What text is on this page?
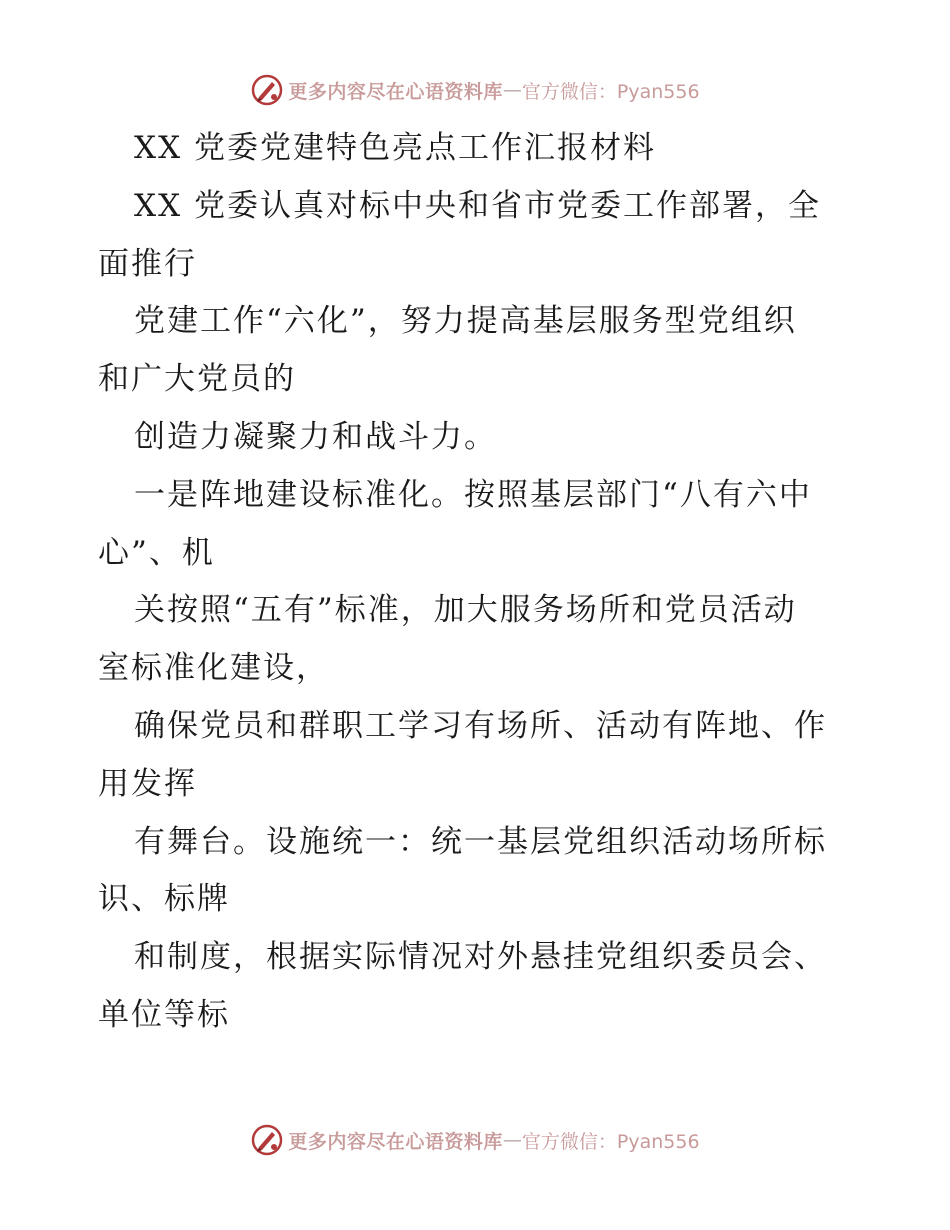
更多内容尽在心语资料库 — 官方微信：Pyan556
XX 党委党建特色亮点工作汇报材料
XX 党委认真对标中央和省市党委工作部署，全
面推行
党建工作“六化”，努力提高基层服务型党组织
和广大党员的
创造力凝聚力和战斗力。
一是阵地建设标准化。按照基层部门“八有六中
心”、机
关按照“五有”标准，加大服务场所和党员活动
室标准化建设，
确保党员和群职工学习有场所、活动有阵地、作
用发挥
有舞台。设施统一：统一基层党组织活动场所标
识、标牌
和制度，根据实际情况对外悬挂党组织委员会、
单位等标
更多内容尽在心语资料库 — 官方微信：Pyan556
